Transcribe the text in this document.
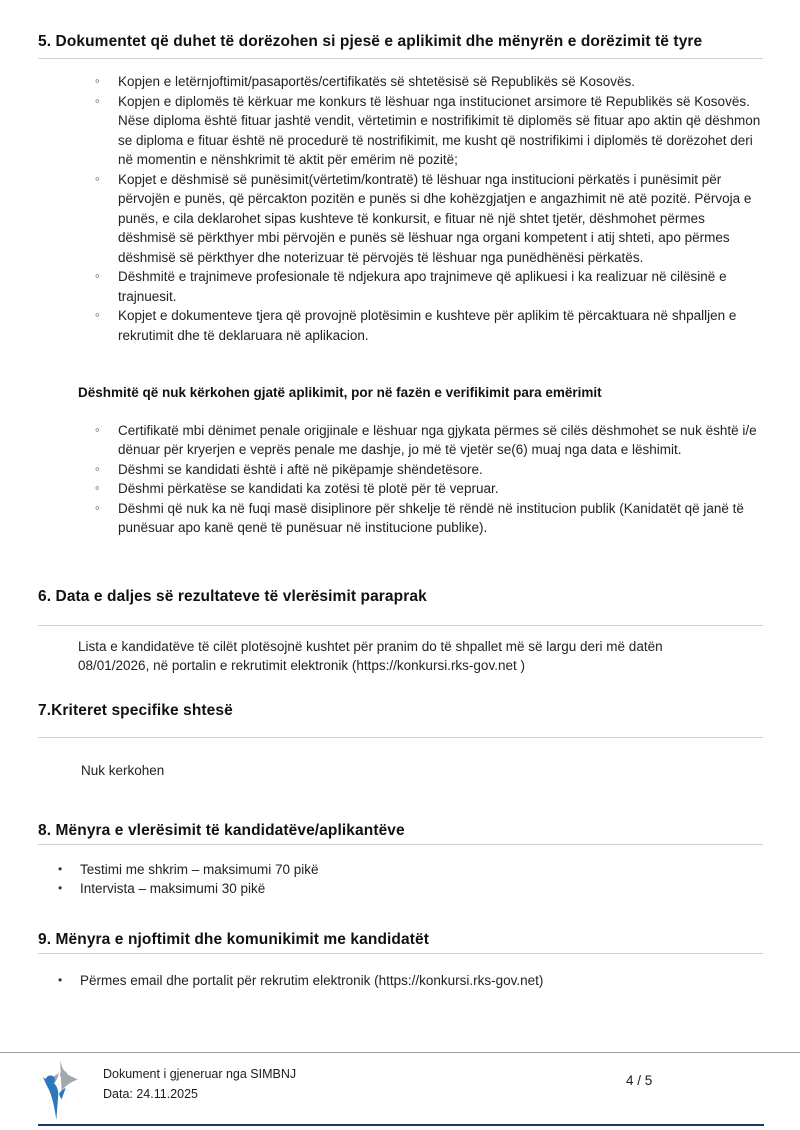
5. Dokumentet që duhet të dorëzohen si pjesë e aplikimit dhe mënyrën e dorëzimit të tyre
◦ Kopjen e letërnjoftimit/pasaportës/certifikatës së shtetësisë së Republikës së Kosovës.
◦ Kopjen e diplomës të kërkuar me konkurs të lëshuar nga institucionet arsimore të Republikës së Kosovës. Nëse diploma është fituar jashtë vendit, vërtetimin e nostrifikimit të diplomës së fituar apo aktin që dëshmon se diploma e fituar është në procedurë të nostrifikimit, me kusht që nostrifikimi i diplomës të dorëzohet deri në momentin e nënshkrimit të aktit për emërim në pozitë;
◦ Kopjet e dëshmisë së punësimit(vërtetim/kontratë) të lëshuar nga institucioni përkatës i punësimit për përvojën e punës, që përcakton pozitën e punës si dhe kohëzgjatjen e angazhimit në atë pozitë. Përvoja e punës, e cila deklarohet sipas kushteve të konkursit, e fituar në një shtet tjetër, dëshmohet përmes dëshmisë së përkthyer mbi përvojën e punës së lëshuar nga organi kompetent i atij shteti, apo përmes dëshmisë së përkthyer dhe noterizuar të përvojës të lëshuar nga punëdhënësi përkatës.
◦ Dëshmitë e trajnimeve profesionale të ndjekura apo trajnimeve që aplikuesi i ka realizuar në cilësinë e trajnuesit.
◦ Kopjet e dokumenteve tjera që provojnë plotësimin e kushteve për aplikim të përcaktuara në shpalljen e rekrutimit dhe të deklaruara në aplikacion.

Dëshmitë që nuk kërkohen gjatë aplikimit, por në fazën e verifikimit para emërimit

◦ Certifikatë mbi dënimet penale origjinale e lëshuar nga gjykata përmes së cilës dëshmohet se nuk është i/e dënuar për kryerjen e veprës penale me dashje, jo më të vjetër se(6) muaj nga data e lëshimit.
◦ Dëshmi se kandidati është i aftë në pikëpamje shëndetësore.
◦ Dëshmi përkatëse se kandidati ka zotësi të plotë për të vepruar.
◦ Dëshmi që nuk ka në fuqi masë disiplinore për shkelje të rëndë në institucion publik (Kanidatët që janë të punësuar apo kanë qenë të punësuar në institucione publike).
6. Data e daljes së rezultateve të vlerësimit paraprak

Lista e kandidatëve të cilët plotësojnë kushtet për pranim do të shpallet më së largu deri më datën 08/01/2026, në portalin e rekrutimit elektronik (https://konkursi.rks-gov.net )

7.Kriteret specifike shtesë

Nuk kerkohen

8. Mënyra e vlerësimit të kandidatëve/aplikantëve
• Testimi me shkrim – maksimumi 70 pikë
• Intervista – maksimumi 30 pikë
9. Mënyra e njoftimit dhe komunikimit me kandidatët
• Përmes email dhe portalit për rekrutim elektronik (https://konkursi.rks-gov.net)
Dokument i gjeneruar nga SIMBNJ
Data: 24.11.2025
4 / 5
